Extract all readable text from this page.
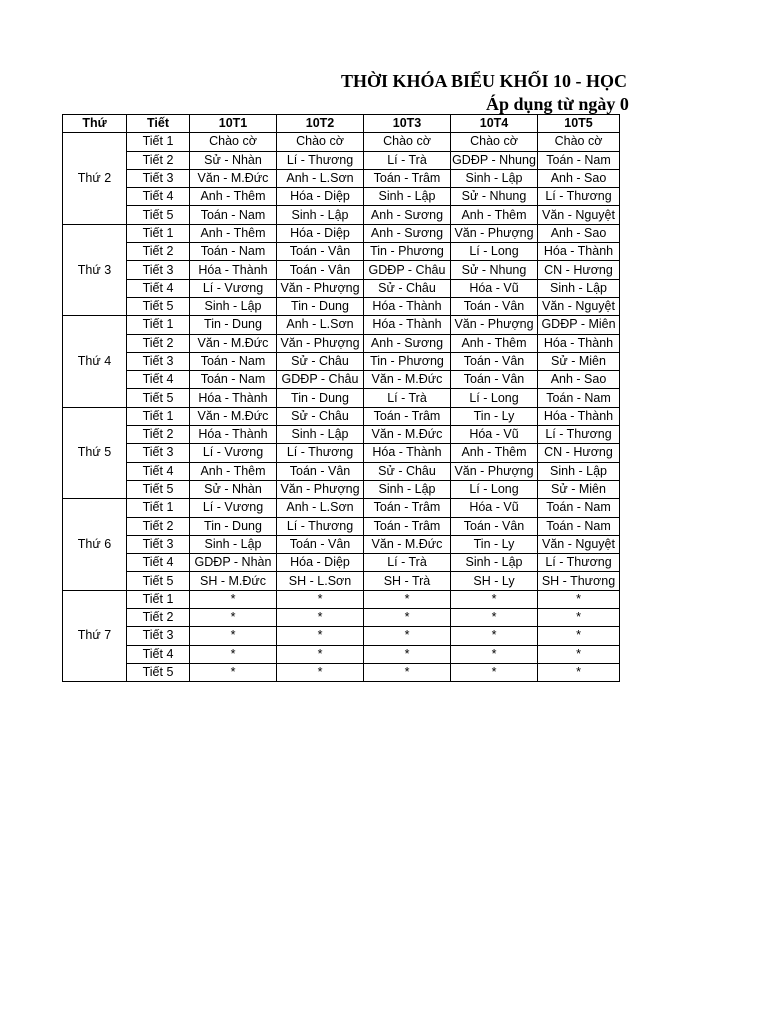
THỜI KHÓA BIỂU KHỐI 10 - HỌC
Áp dụng từ ngày 0
Thứ	Tiết	10T1	10T2	10T3	10T4	10T5
Thứ 2	Tiết 1	Chào cờ	Chào cờ	Chào cờ	Chào cờ	Chào cờ
	Tiết 2	Sử - Nhàn	Lí - Thương	Lí - Trà	GDĐP - Nhung	Toán - Nam
	Tiết 3	Văn - M.Đức	Anh - L.Sơn	Toán - Trâm	Sinh - Lập	Anh - Sao
	Tiết 4	Anh - Thêm	Hóa - Diệp	Sinh - Lập	Sử - Nhung	Lí - Thương
	Tiết 5	Toán - Nam	Sinh - Lập	Anh - Sương	Anh - Thêm	Văn - Nguyệt
Thứ 3	Tiết 1	Anh - Thêm	Hóa - Diệp	Anh - Sương	Văn - Phượng	Anh - Sao
	Tiết 2	Toán - Nam	Toán - Vân	Tin - Phương	Lí - Long	Hóa - Thành
	Tiết 3	Hóa - Thành	Toán - Vân	GDĐP - Châu	Sử - Nhung	CN - Hương
	Tiết 4	Lí - Vương	Văn - Phượng	Sử - Châu	Hóa - Vũ	Sinh - Lập
	Tiết 5	Sinh - Lập	Tin - Dung	Hóa - Thành	Toán - Vân	Văn - Nguyệt
Thứ 4	Tiết 1	Tin - Dung	Anh - L.Sơn	Hóa - Thành	Văn - Phượng	GDĐP - Miên
	Tiết 2	Văn - M.Đức	Văn - Phượng	Anh - Sương	Anh - Thêm	Hóa - Thành
	Tiết 3	Toán - Nam	Sử - Châu	Tin - Phương	Toán - Vân	Sử - Miên
	Tiết 4	Toán - Nam	GDĐP - Châu	Văn - M.Đức	Toán - Vân	Anh - Sao
	Tiết 5	Hóa - Thành	Tin - Dung	Lí - Trà	Lí - Long	Toán - Nam
Thứ 5	Tiết 1	Văn - M.Đức	Sử - Châu	Toán - Trâm	Tin - Ly	Hóa - Thành
	Tiết 2	Hóa - Thành	Sinh - Lập	Văn - M.Đức	Hóa - Vũ	Lí - Thương
	Tiết 3	Lí - Vương	Lí - Thương	Hóa - Thành	Anh - Thêm	CN - Hương
	Tiết 4	Anh - Thêm	Toán - Vân	Sử - Châu	Văn - Phượng	Sinh - Lập
	Tiết 5	Sử - Nhàn	Văn - Phượng	Sinh - Lập	Lí - Long	Sử - Miên
Thứ 6	Tiết 1	Lí - Vương	Anh - L.Sơn	Toán - Trâm	Hóa - Vũ	Toán - Nam
	Tiết 2	Tin - Dung	Lí - Thương	Toán - Trâm	Toán - Vân	Toán - Nam
	Tiết 3	Sinh - Lập	Toán - Vân	Văn - M.Đức	Tin - Ly	Văn - Nguyệt
	Tiết 4	GDĐP - Nhàn	Hóa - Diệp	Lí - Trà	Sinh - Lập	Lí - Thương
	Tiết 5	SH - M.Đức	SH - L.Sơn	SH - Trà	SH - Ly	SH - Thương
Thứ 7	Tiết 1	*	*	*	*	*
	Tiết 2	*	*	*	*	*
	Tiết 3	*	*	*	*	*
	Tiết 4	*	*	*	*	*
	Tiết 5	*	*	*	*	*
